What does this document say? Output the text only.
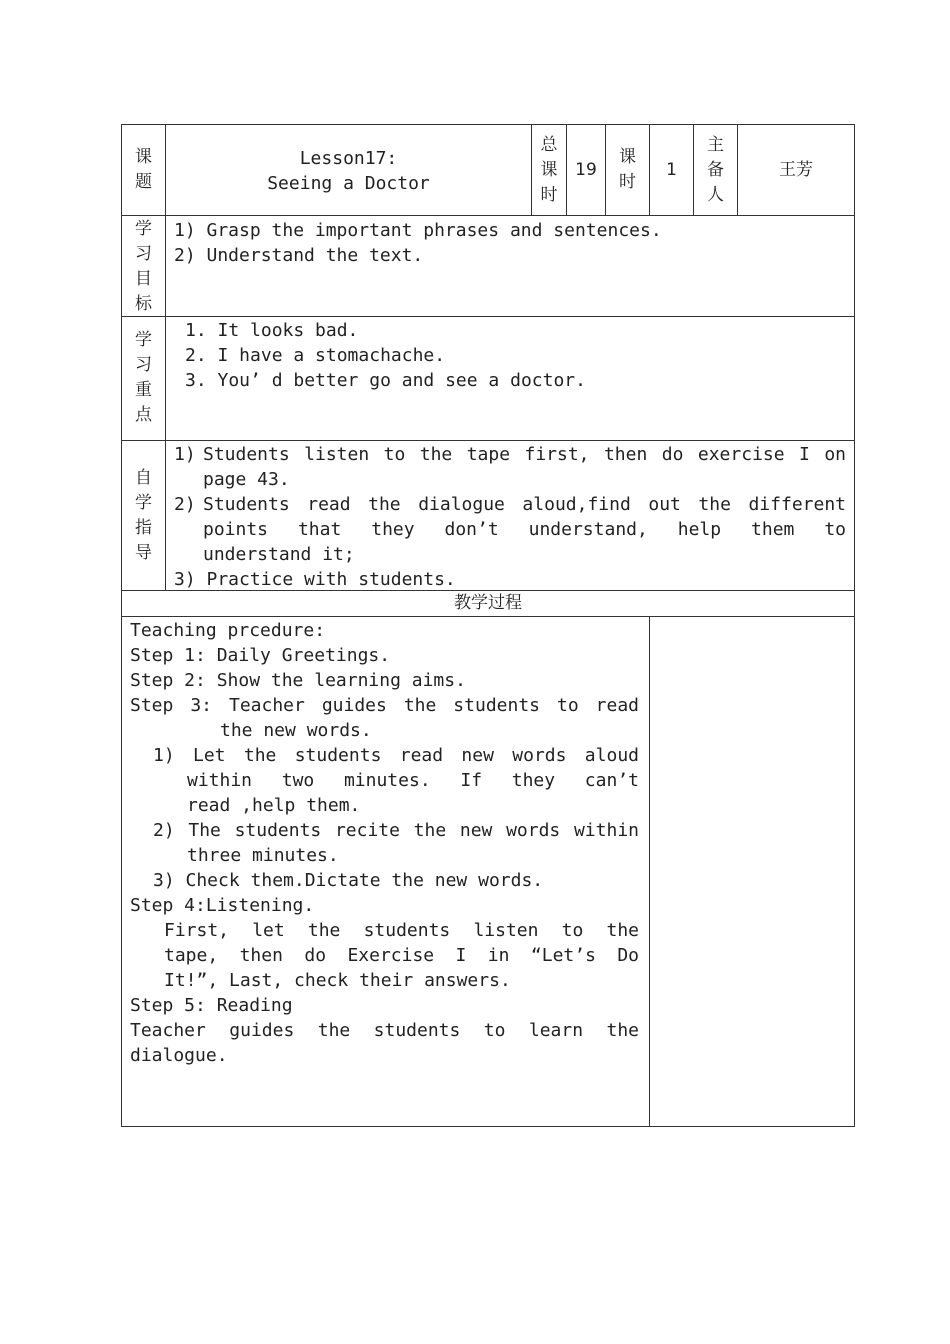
课题
Lesson17:
Seeing a Doctor
总课时
19
课时
1
主备人
王芳
学习目标
1) Grasp the important phrases and sentences.
2) Understand the text.
学习重点
1. It looks bad.
2. I have a stomachache.
3. You’ d better go and see a doctor.
自学指导
1) Students listen to the tape first, then do exercise I on
page 43.
2) Students read the dialogue aloud,find out the different
points that they don’t understand, help them to
understand it;
3) Practice with students.
教学过程
Teaching prcedure:
Step 1: Daily Greetings.
Step 2: Show the learning aims.
Step 3: Teacher guides the students to read
the new words.
1) Let the students read new words aloud
within two minutes. If they can’t
read ,help them.
2) The students recite the new words within
three minutes.
3) Check them.Dictate the new words.
Step 4:Listening.
First, let the students listen to the
tape, then do Exercise I in “Let’s Do
It!”, Last, check their answers.
Step 5: Reading
Teacher guides the students to learn the
dialogue.
